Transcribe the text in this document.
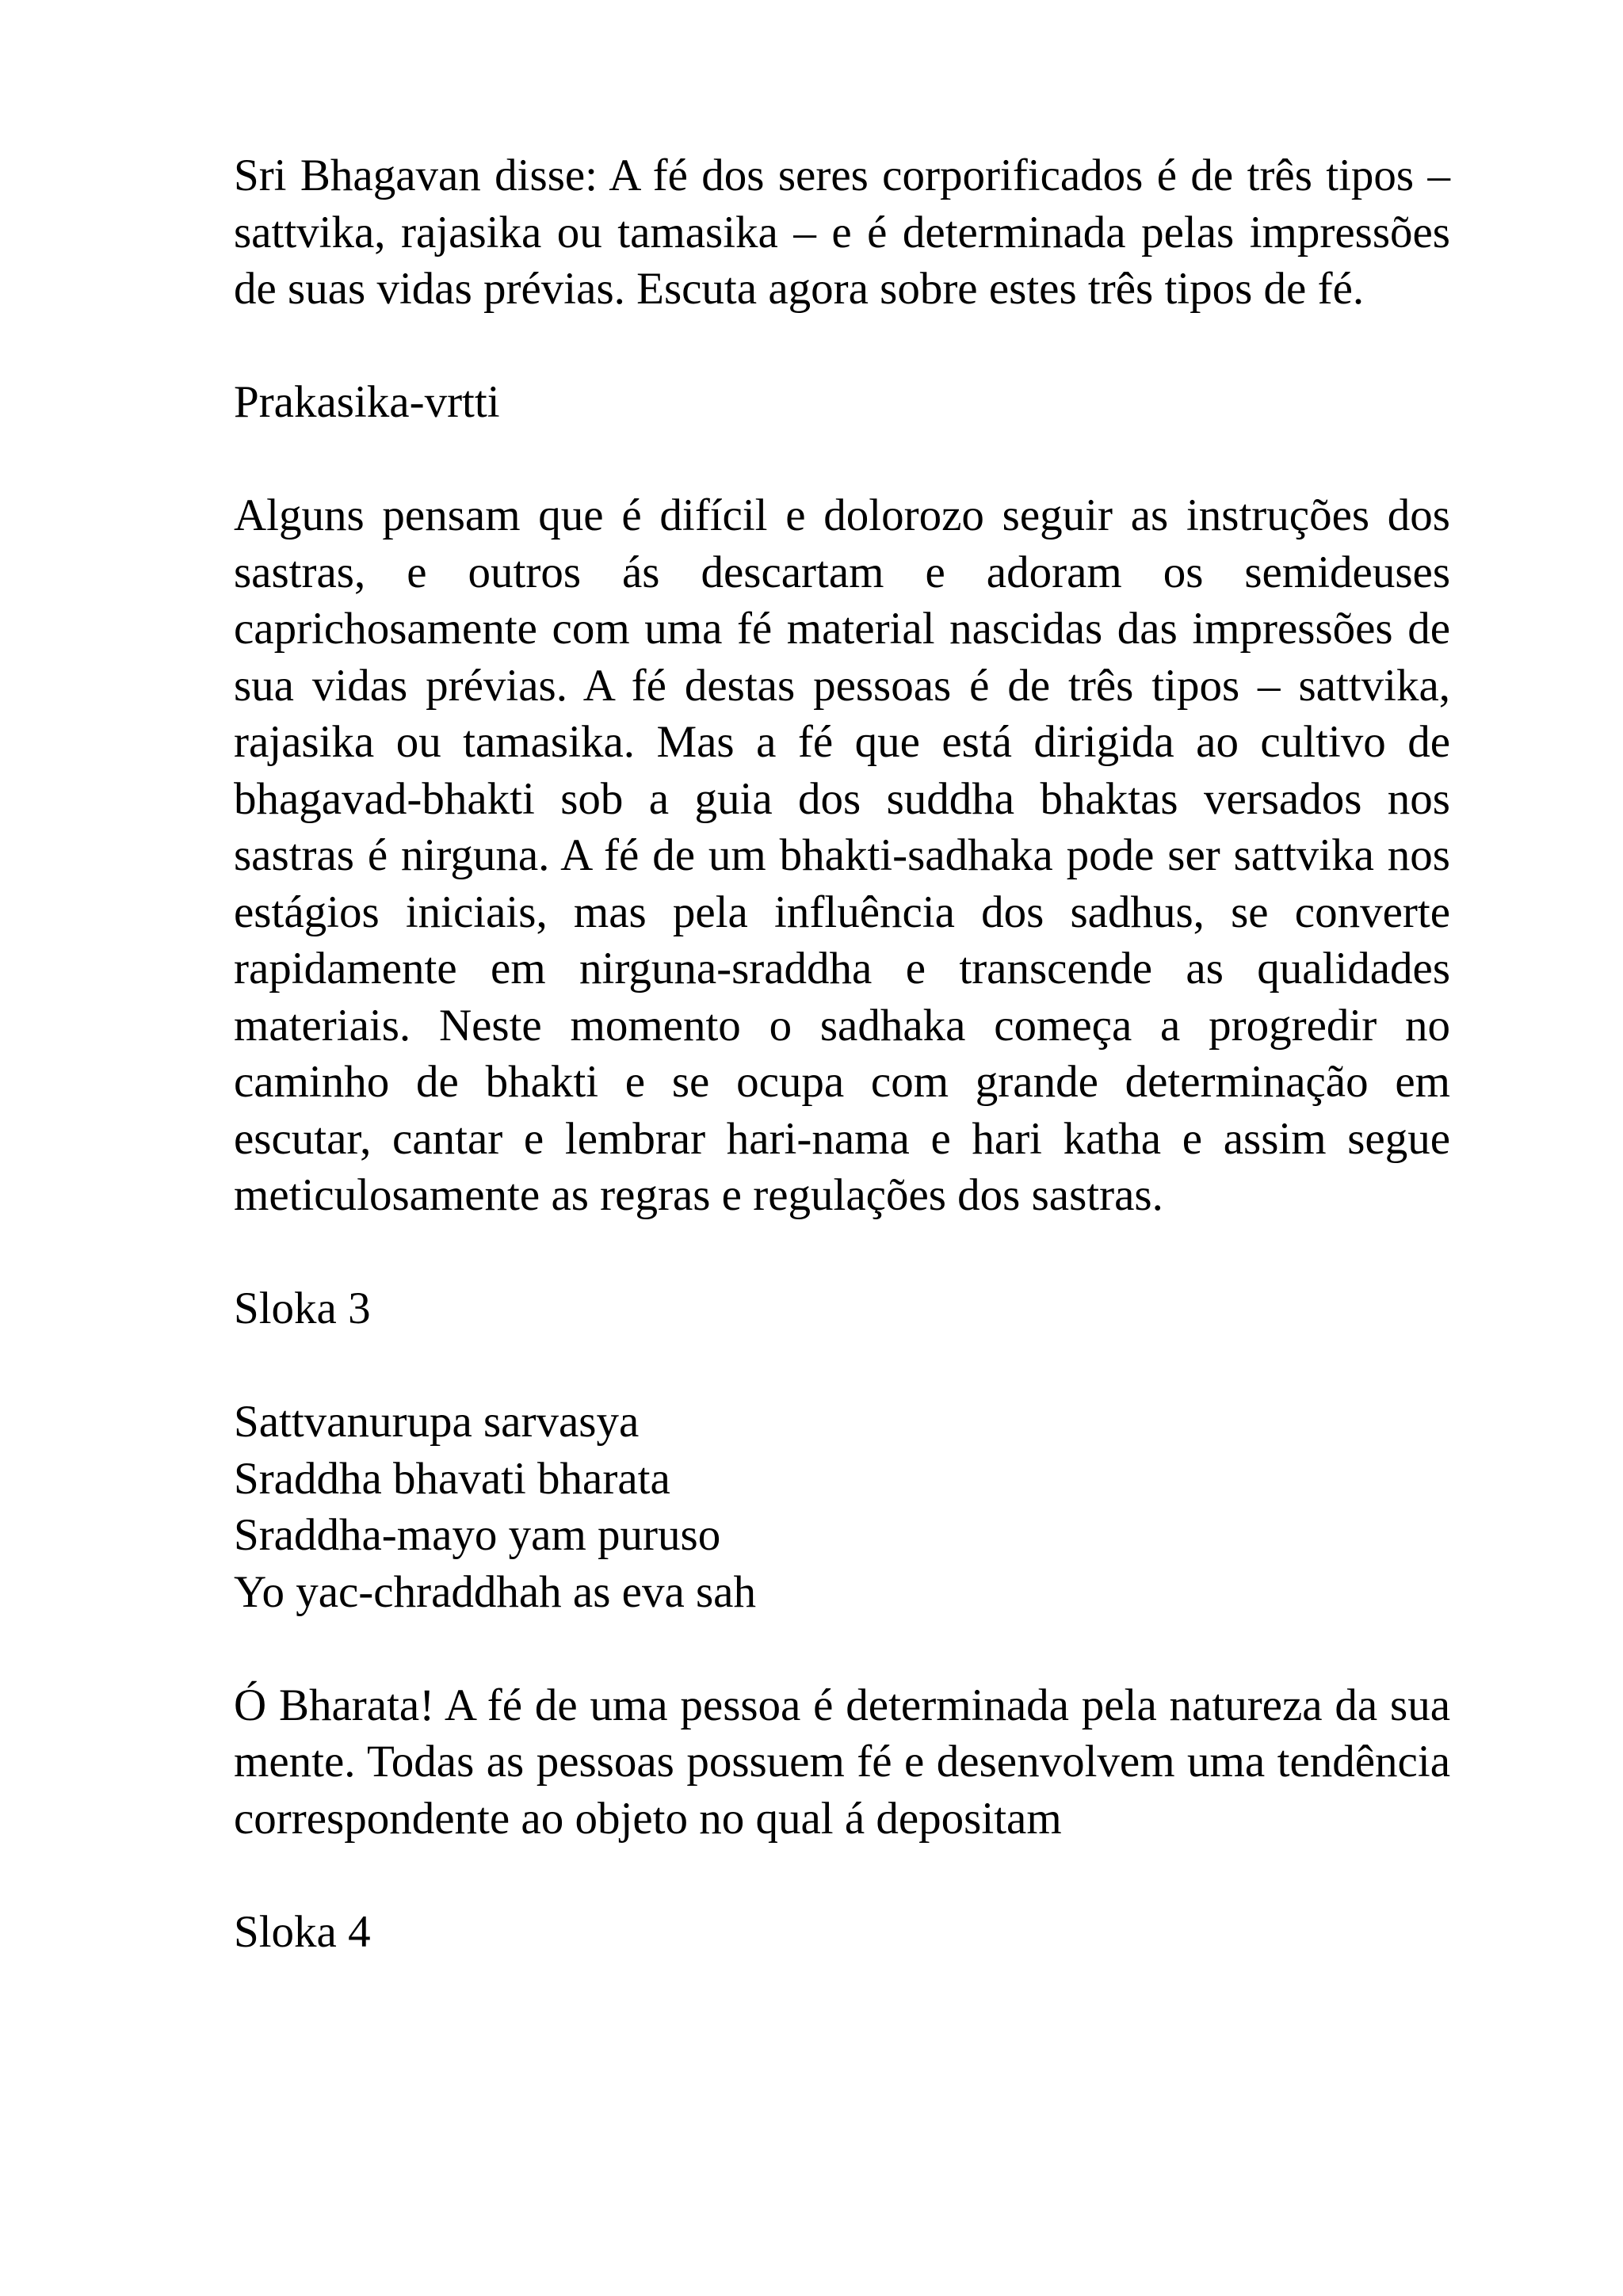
Sri Bhagavan disse: A fé dos seres corporificados é de três tipos – sattvika, rajasika ou tamasika – e é determinada pelas impressões de suas vidas prévias. Escuta agora sobre estes três tipos de fé.

Prakasika-vrtti

Alguns pensam que é difícil e dolorozo seguir as instruções dos sastras, e outros ás descartam e adoram os semideuses caprichosamente com uma fé material nascidas das impressões de sua vidas prévias. A fé destas pessoas é de três tipos – sattvika, rajasika ou tamasika. Mas a fé que está dirigida ao cultivo de bhagavad-bhakti sob a guia dos suddha bhaktas versados nos sastras é nirguna. A fé de um bhakti-sadhaka pode ser sattvika nos estágios iniciais, mas pela influência dos sadhus, se converte rapidamente em nirguna-sraddha e transcende as qualidades materiais. Neste momento o sadhaka começa a progredir no caminho de bhakti e se ocupa com grande determinação em escutar, cantar e lembrar hari-nama e hari katha e assim segue meticulosamente as regras e regulações dos sastras.

Sloka 3

Sattvanurupa sarvasya
Sraddha bhavati bharata
Sraddha-mayo yam puruso
Yo yac-chraddhah as eva sah

Ó Bharata! A fé de uma pessoa é determinada pela natureza da sua mente. Todas as pessoas possuem fé e desenvolvem uma tendência correspondente ao objeto no qual á depositam

Sloka 4
